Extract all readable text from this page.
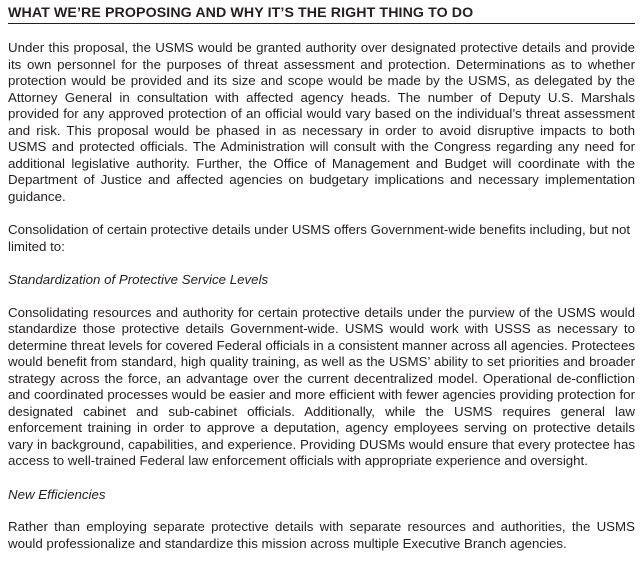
WHAT WE’RE PROPOSING AND WHY IT’S THE RIGHT THING TO DO

Under this proposal, the USMS would be granted authority over designated protective details and provide its own personnel for the purposes of threat assessment and protection. Determinations as to whether protection would be provided and its size and scope would be made by the USMS, as delegated by the Attorney General in consultation with affected agency heads. The number of Deputy U.S. Marshals provided for any approved protection of an official would vary based on the individual’s threat assessment and risk. This proposal would be phased in as necessary in order to avoid disruptive impacts to both USMS and protected officials. The Administration will consult with the Congress regarding any need for additional legislative authority. Further, the Office of Management and Budget will coordinate with the Department of Justice and affected agencies on budgetary implications and necessary implementation guidance.

Consolidation of certain protective details under USMS offers Government-wide benefits including, but not limited to:

Standardization of Protective Service Levels

Consolidating resources and authority for certain protective details under the purview of the USMS would standardize those protective details Government-wide. USMS would work with USSS as necessary to determine threat levels for covered Federal officials in a consistent manner across all agencies. Protectees would benefit from standard, high quality training, as well as the USMS’ ability to set priorities and broader strategy across the force, an advantage over the current decentralized model. Operational de-confliction and coordinated processes would be easier and more efficient with fewer agencies providing protection for designated cabinet and sub-cabinet officials. Additionally, while the USMS requires general law enforcement training in order to approve a deputation, agency employees serving on protective details vary in background, capabilities, and experience. Providing DUSMs would ensure that every protectee has access to well-trained Federal law enforcement officials with appropriate experience and oversight.

New Efficiencies

Rather than employing separate protective details with separate resources and authorities, the USMS would professionalize and standardize this mission across multiple Executive Branch agencies.
